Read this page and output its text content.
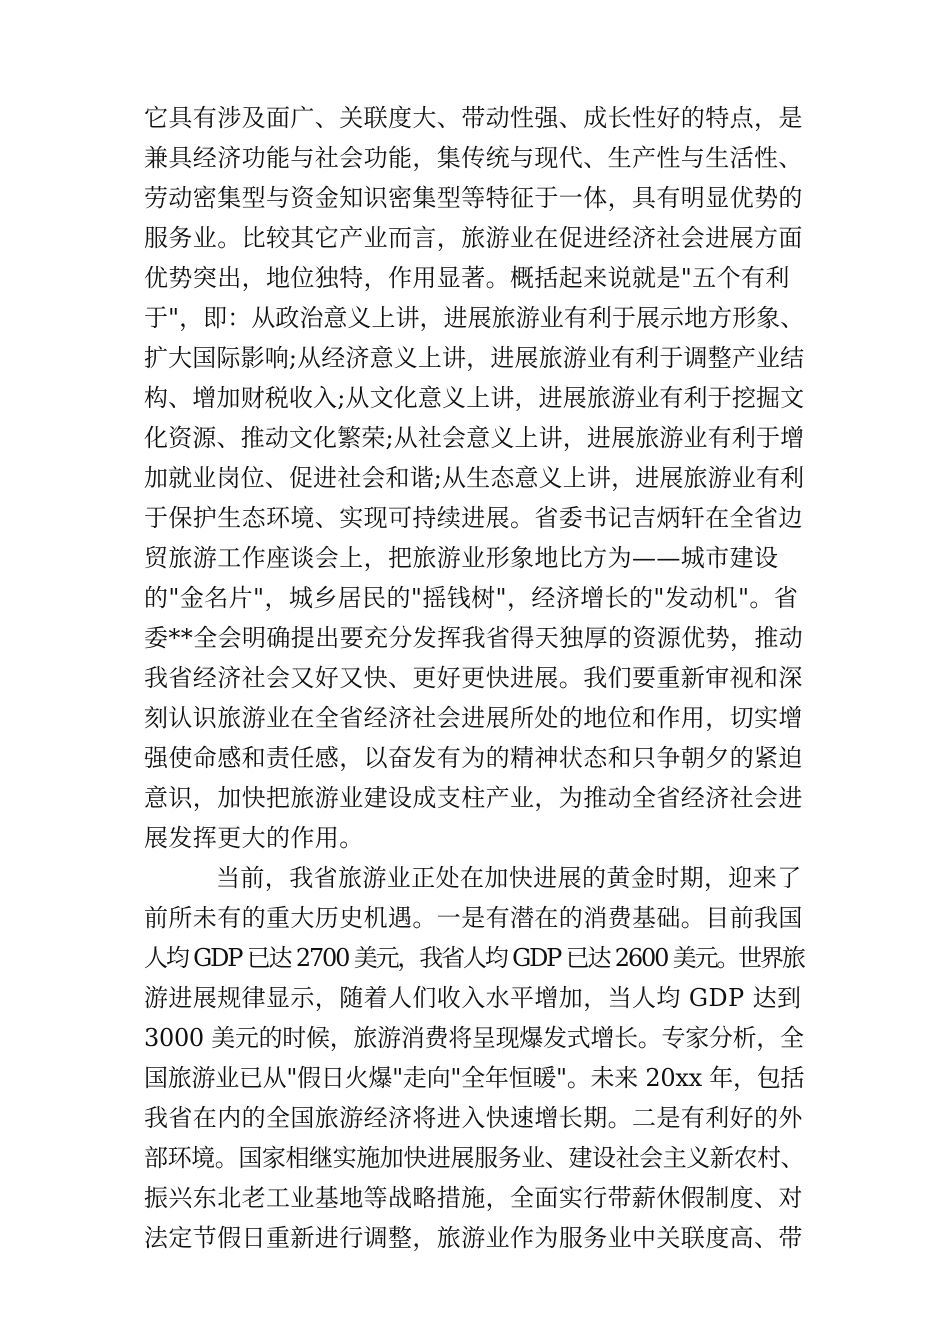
它具有涉及面广、关联度大、带动性强、成长性好的特点，是
兼具经济功能与社会功能，集传统与现代、生产性与生活性、
劳动密集型与资金知识密集型等特征于一体，具有明显优势的
服务业。比较其它产业而言，旅游业在促进经济社会进展方面
优势突出，地位独特，作用显著。概括起来说就是"五个有利
于"，即：从政治意义上讲，进展旅游业有利于展示地方形象、
扩大国际影响;从经济意义上讲，进展旅游业有利于调整产业结
构、增加财税收入;从文化意义上讲，进展旅游业有利于挖掘文
化资源、推动文化繁荣;从社会意义上讲，进展旅游业有利于增
加就业岗位、促进社会和谐;从生态意义上讲，进展旅游业有利
于保护生态环境、实现可持续进展。省委书记吉炳轩在全省边
贸旅游工作座谈会上，把旅游业形象地比方为——城市建设
的"金名片"，城乡居民的"摇钱树"，经济增长的"发动机"。省
委**全会明确提出要充分发挥我省得天独厚的资源优势，推动
我省经济社会又好又快、更好更快进展。我们要重新审视和深
刻认识旅游业在全省经济社会进展所处的地位和作用，切实增
强使命感和责任感，以奋发有为的精神状态和只争朝夕的紧迫
意识，加快把旅游业建设成支柱产业，为推动全省经济社会进
展发挥更大的作用。
当前，我省旅游业正处在加快进展的黄金时期，迎来了
前所未有的重大历史机遇。一是有潜在的消费基础。目前我国
人均 GDP 已达 2700 美元，我省人均 GDP 已达 2600 美元。世界旅
游进展规律显示，随着人们收入水平增加，当人均 GDP 达到
3000 美元的时候，旅游消费将呈现爆发式增长。专家分析，全
国旅游业已从"假日火爆"走向"全年恒暖"。未来 20xx 年，包括
我省在内的全国旅游经济将进入快速增长期。二是有利好的外
部环境。国家相继实施加快进展服务业、建设社会主义新农村、
振兴东北老工业基地等战略措施，全面实行带薪休假制度、对
法定节假日重新进行调整，旅游业作为服务业中关联度高、带
